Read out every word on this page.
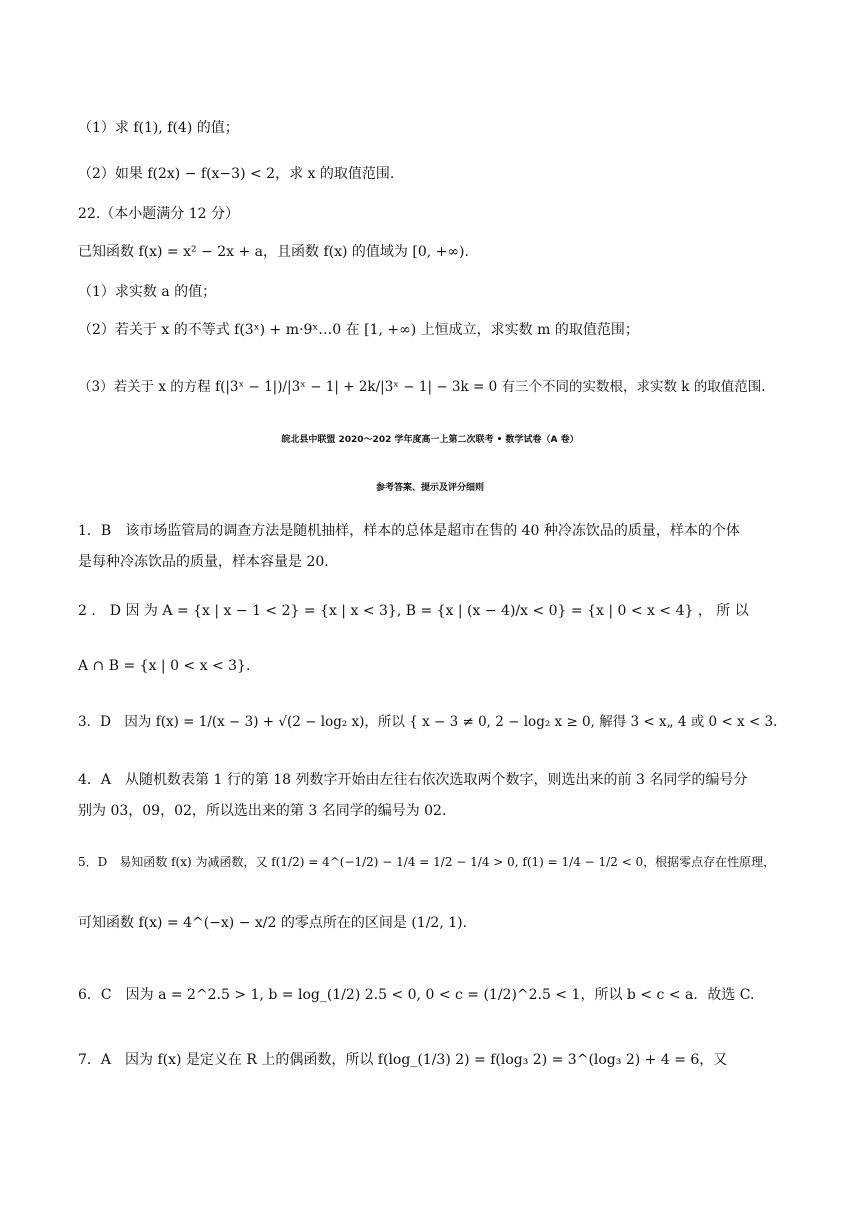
（1）求 f(1), f(4) 的值；
（2）如果 f(2x) − f(x−3) < 2，求 x 的取值范围.
22.（本小题满分 12 分）
已知函数 f(x) = x² − 2x + a，且函数 f(x) 的值域为 [0, +∞).
（1）求实数 a 的值；
（2）若关于 x 的不等式 f(3ˣ) + m·9ˣ…0 在 [1, +∞) 上恒成立，求实数 m 的取值范围；
（3）若关于 x 的方程 f(|3ˣ − 1|)/|3ˣ − 1| + 2k/|3ˣ − 1| − 3k = 0 有三个不同的实数根，求实数 k 的取值范围.
皖北县中联盟 2020～202 学年度高一上第二次联考 • 数学试卷（A 卷）
参考答案、提示及评分细则
1．B　该市场监管局的调查方法是随机抽样，样本的总体是超市在售的 40 种冷冻饮品的质量，样本的个体
是每种冷冻饮品的质量，样本容量是 20.
2 ． D 因 为 A = {x | x − 1 < 2} = {x | x < 3}, B = {x | (x − 4)/x < 0} = {x | 0 < x < 4} ， 所 以
A ∩ B = {x | 0 < x < 3}.
3．D　因为 f(x) = 1/(x − 3) + √(2 − log₂ x)，所以 { x − 3 ≠ 0, 2 − log₂ x ≥ 0, 解得 3 < x„ 4 或 0 < x < 3.
4．A　从随机数表第 1 行的第 18 列数字开始由左往右依次选取两个数字，则选出来的前 3 名同学的编号分
别为 03，09，02，所以选出来的第 3 名同学的编号为 02.
5．D　易知函数 f(x) 为减函数，又 f(1/2) = 4^(−1/2) − 1/4 = 1/2 − 1/4 > 0, f(1) = 1/4 − 1/2 < 0，根据零点存在性原理，
可知函数 f(x) = 4^(−x) − x/2 的零点所在的区间是 (1/2, 1).
6．C　因为 a = 2^2.5 > 1, b = log_(1/2) 2.5 < 0, 0 < c = (1/2)^2.5 < 1，所以 b < c < a．故选 C.
7．A　因为 f(x) 是定义在 R 上的偶函数，所以 f(log_(1/3) 2) = f(log₃ 2) = 3^(log₃ 2) + 4 = 6，又
